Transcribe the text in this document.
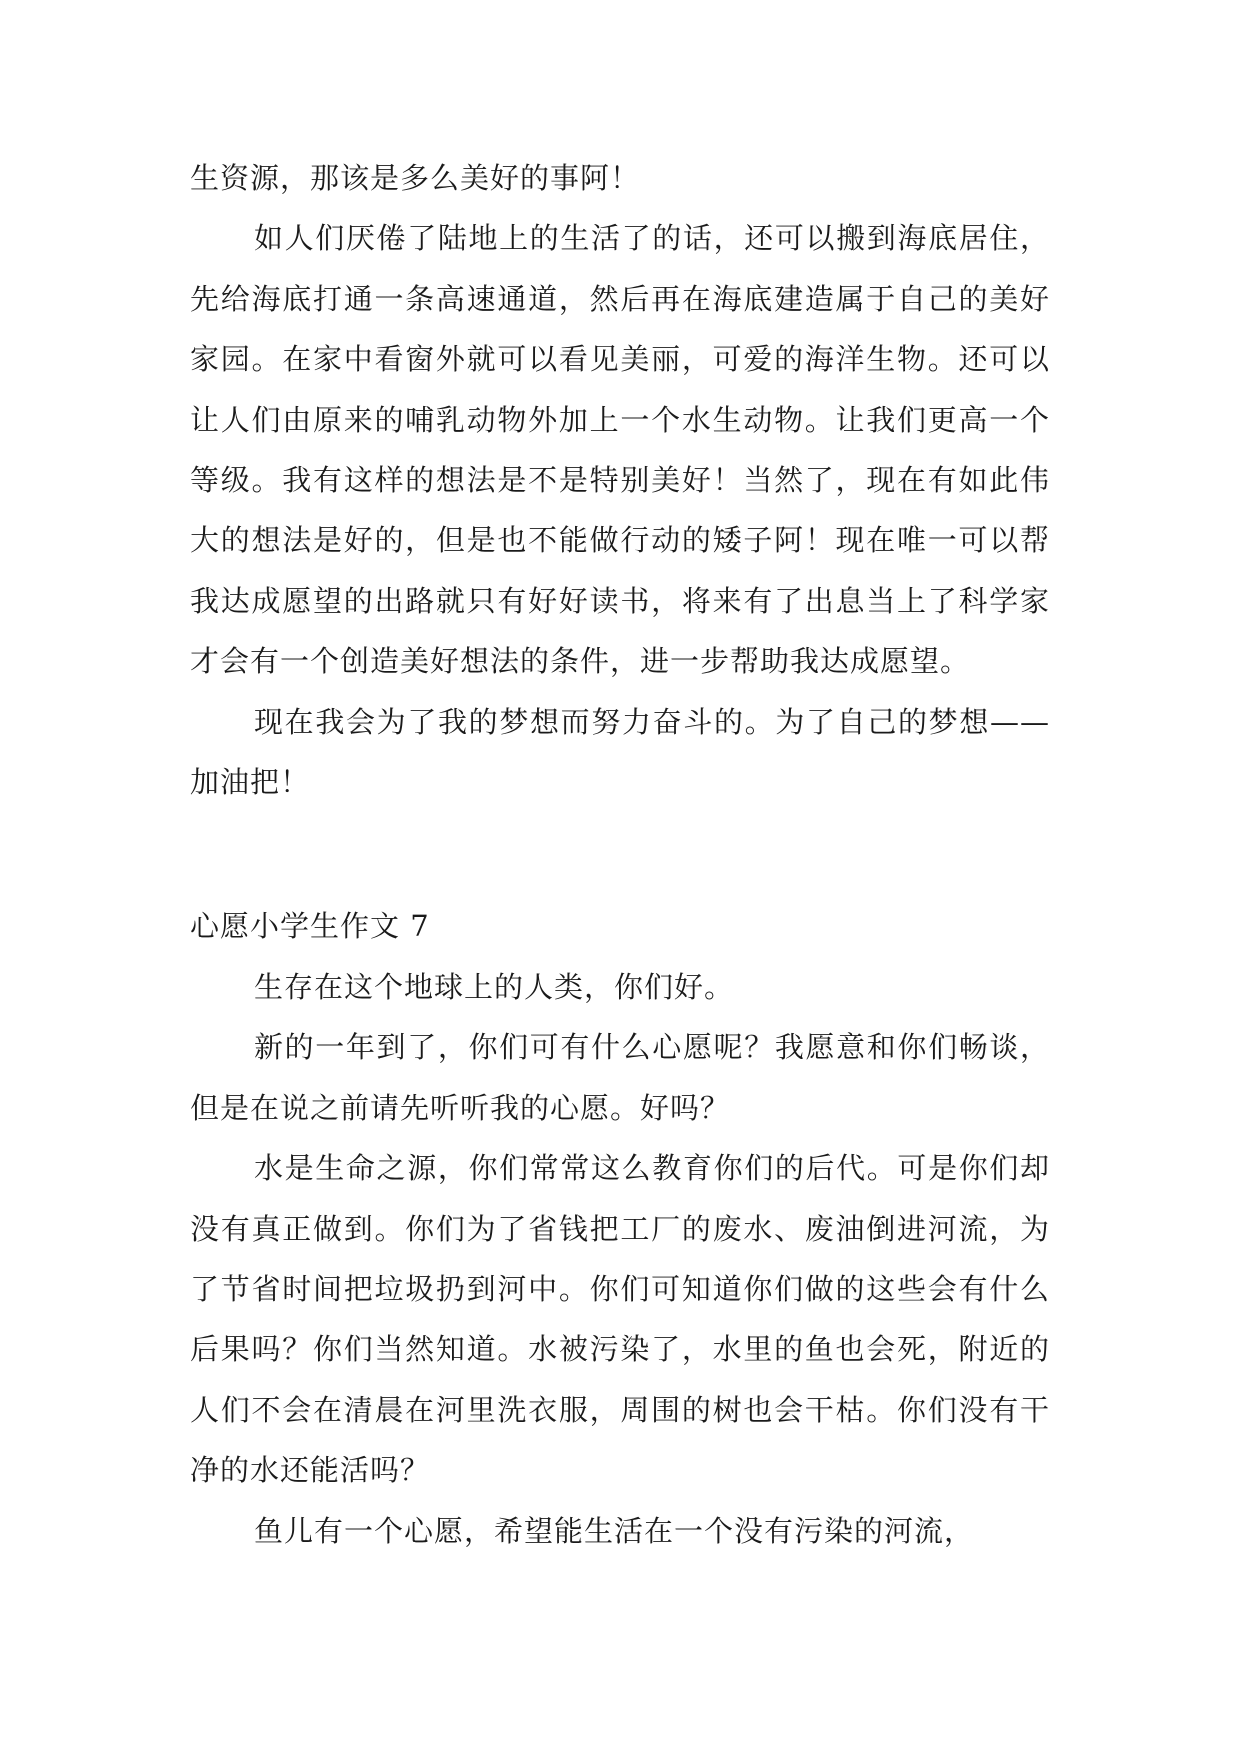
生资源，那该是多么美好的事阿！

如人们厌倦了陆地上的生活了的话，还可以搬到海底居住，先给海底打通一条高速通道，然后再在海底建造属于自己的美好家园。在家中看窗外就可以看见美丽，可爱的海洋生物。还可以让人们由原来的哺乳动物外加上一个水生动物。让我们更高一个等级。我有这样的想法是不是特别美好！当然了，现在有如此伟大的想法是好的，但是也不能做行动的矮子阿！现在唯一可以帮我达成愿望的出路就只有好好读书，将来有了出息当上了科学家才会有一个创造美好想法的条件，进一步帮助我达成愿望。

现在我会为了我的梦想而努力奋斗的。为了自己的梦想——加油把！

心愿小学生作文 7

生存在这个地球上的人类，你们好。

新的一年到了，你们可有什么心愿呢？我愿意和你们畅谈，但是在说之前请先听听我的心愿。好吗？

水是生命之源，你们常常这么教育你们的后代。可是你们却没有真正做到。你们为了省钱把工厂的废水、废油倒进河流，为了节省时间把垃圾扔到河中。你们可知道你们做的这些会有什么后果吗？你们当然知道。水被污染了，水里的鱼也会死，附近的人们不会在清晨在河里洗衣服，周围的树也会干枯。你们没有干净的水还能活吗？

鱼儿有一个心愿，希望能生活在一个没有污染的河流，
